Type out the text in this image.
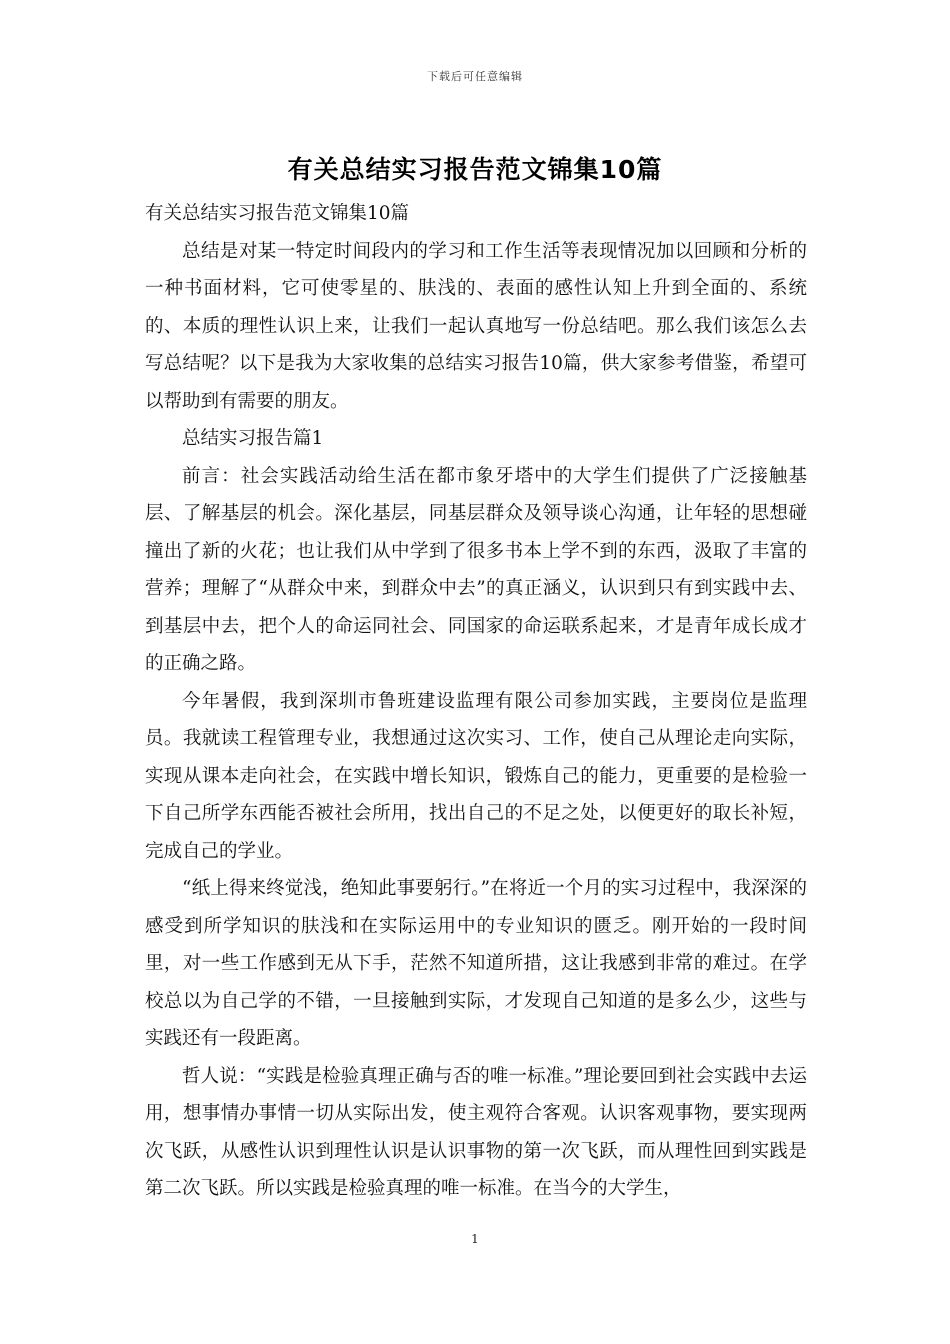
下载后可任意编辑
有关总结实习报告范文锦集10篇

有关总结实习报告范文锦集10篇

总结是对某一特定时间段内的学习和工作生活等表现情况加以回顾和分析的一种书面材料，它可使零星的、肤浅的、表面的感性认知上升到全面的、系统的、本质的理性认识上来，让我们一起认真地写一份总结吧。那么我们该怎么去写总结呢？以下是我为大家收集的总结实习报告10篇，供大家参考借鉴，希望可以帮助到有需要的朋友。

总结实习报告篇1

前言：社会实践活动给生活在都市象牙塔中的大学生们提供了广泛接触基层、了解基层的机会。深化基层，同基层群众及领导谈心沟通，让年轻的思想碰撞出了新的火花；也让我们从中学到了很多书本上学不到的东西，汲取了丰富的营养；理解了“从群众中来，到群众中去”的真正涵义，认识到只有到实践中去、到基层中去，把个人的命运同社会、同国家的命运联系起来，才是青年成长成才的正确之路。

今年暑假，我到深圳市鲁班建设监理有限公司参加实践，主要岗位是监理员。我就读工程管理专业，我想通过这次实习、工作，使自己从理论走向实际，实现从课本走向社会，在实践中增长知识，锻炼自己的能力，更重要的是检验一下自己所学东西能否被社会所用，找出自己的不足之处，以便更好的取长补短，完成自己的学业。

“纸上得来终觉浅，绝知此事要躬行。”在将近一个月的实习过程中，我深深的感受到所学知识的肤浅和在实际运用中的专业知识的匮乏。刚开始的一段时间里，对一些工作感到无从下手，茫然不知道所措，这让我感到非常的难过。在学校总以为自己学的不错，一旦接触到实际，才发现自己知道的是多么少，这些与实践还有一段距离。

哲人说：“实践是检验真理正确与否的唯一标准。”理论要回到社会实践中去运用，想事情办事情一切从实际出发，使主观符合客观。认识客观事物，要实现两次飞跃，从感性认识到理性认识是认识事物的第一次飞跃，而从理性回到实践是第二次飞跃。所以实践是检验真理的唯一标准。在当今的大学生，

1
